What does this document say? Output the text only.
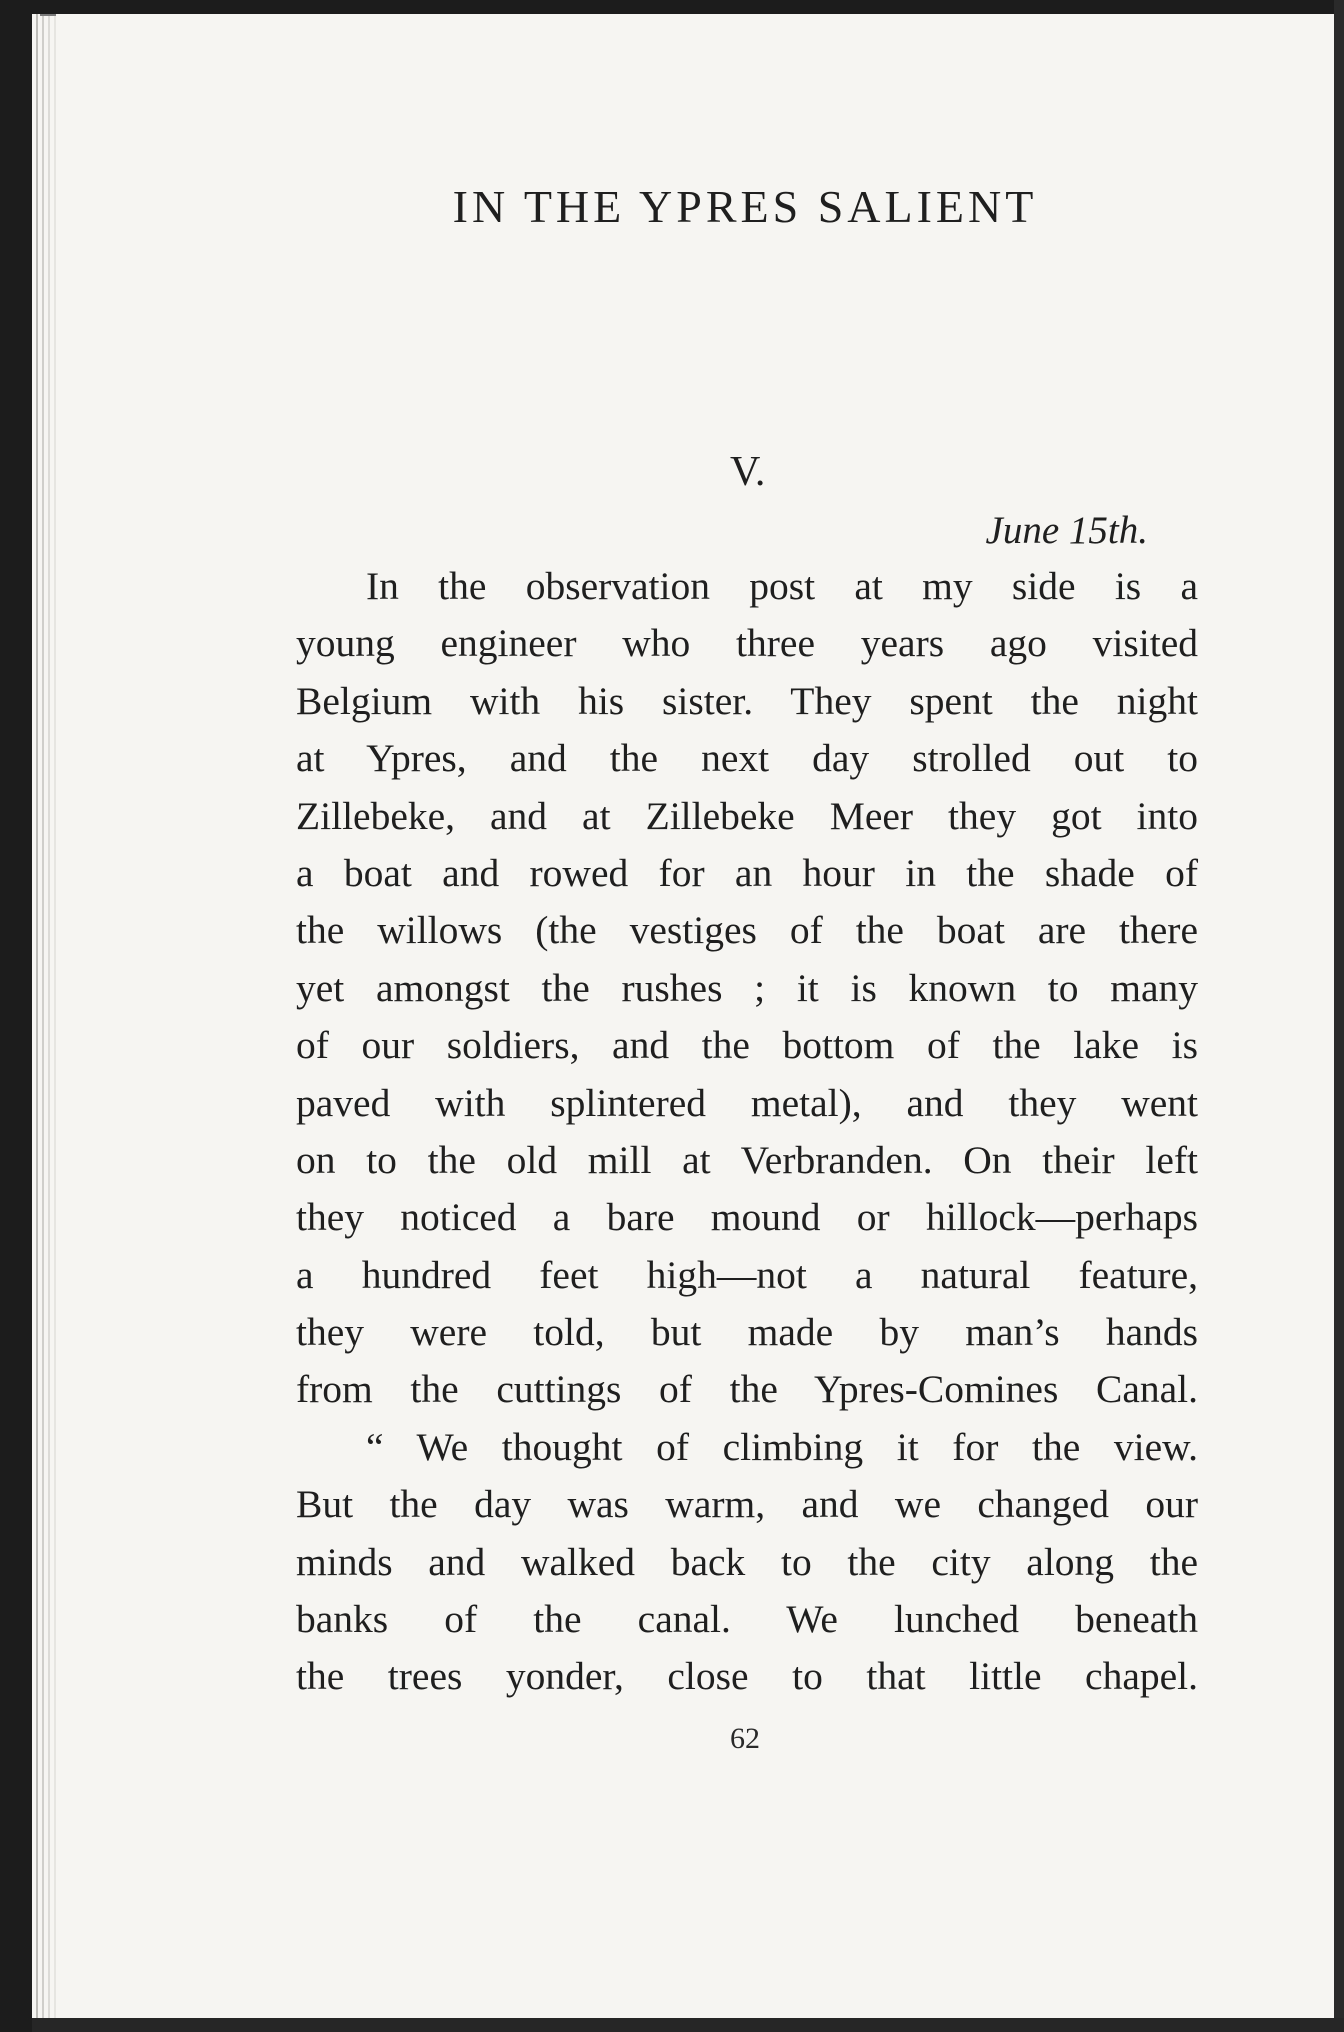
IN THE YPRES SALIENT
V.
June 15th.
In the observation post at my side is a
young engineer who three years ago visited
Belgium with his sister. They spent the night
at Ypres, and the next day strolled out to
Zillebeke, and at Zillebeke Meer they got into
a boat and rowed for an hour in the shade of
the willows (the vestiges of the boat are there
yet amongst the rushes ; it is known to many
of our soldiers, and the bottom of the lake is
paved with splintered metal), and they went
on to the old mill at Verbranden. On their left
they noticed a bare mound or hillock—perhaps
a hundred feet high—not a natural feature,
they were told, but made by man’s hands
from the cuttings of the Ypres-Comines Canal.
“ We thought of climbing it for the view.
But the day was warm, and we changed our
minds and walked back to the city along the
banks of the canal. We lunched beneath
the trees yonder, close to that little chapel.
62
